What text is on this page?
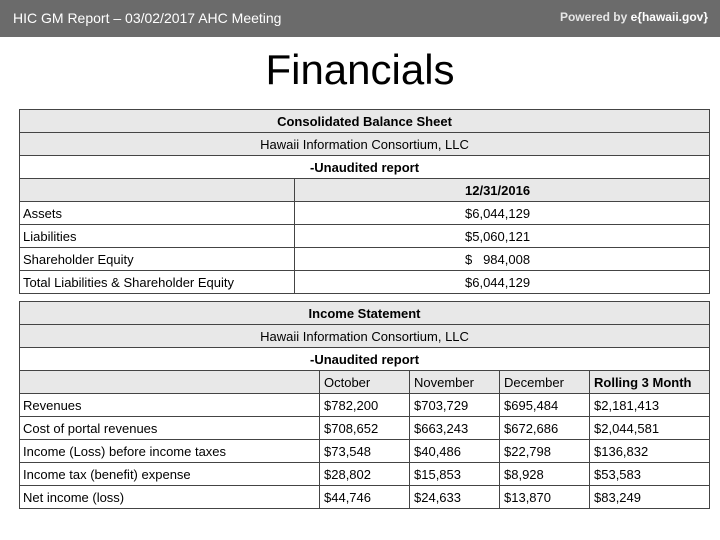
HIC GM Report – 03/02/2017 AHC Meeting	Powered by e{hawaii.gov}
Financials
Consolidated Balance Sheet	
Hawaii Information Consortium, LLC	
-Unaudited report	
	12/31/2016
Assets	$6,044,129
Liabilities	$5,060,121
Shareholder Equity	$   984,008
Total Liabilities & Shareholder Equity	$6,044,129
Income Statement				
Hawaii Information Consortium, LLC				
-Unaudited report				
	October	November	December	Rolling 3 Month
Revenues	$782,200	$703,729	$695,484	$2,181,413
Cost of portal revenues	$708,652	$663,243	$672,686	$2,044,581
Income (Loss) before income taxes	$73,548	$40,486	$22,798	$136,832
Income tax (benefit) expense	$28,802	$15,853	$8,928	$53,583
Net income (loss)	$44,746	$24,633	$13,870	$83,249
